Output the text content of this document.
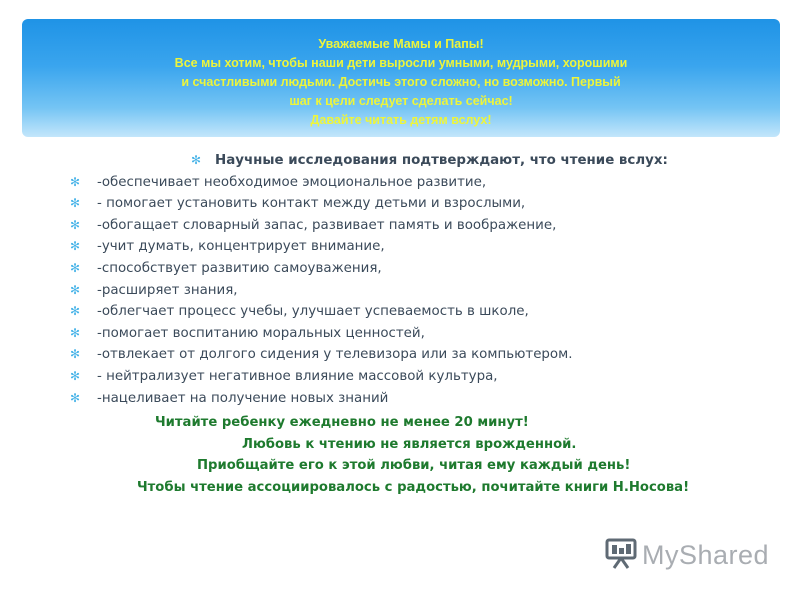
Уважаемые Мамы и Папы!
Все мы хотим, чтобы наши дети выросли умными, мудрыми, хорошими
и счастливыми людьми. Достичь этого сложно, но возможно. Первый
шаг к цели следует сделать сейчас!
Давайте читать детям вслух!
✻ Научные исследования подтверждают, что чтение вслух:
✻ -обеспечивает необходимое эмоциональное развитие,
✻ - помогает установить контакт между детьми и взрослыми,
✻ -обогащает словарный запас, развивает память и воображение,
✻ -учит думать, концентрирует внимание,
✻ -способствует развитию самоуважения,
✻ -расширяет знания,
✻ -облегчает процесс учебы, улучшает успеваемость в школе,
✻ -помогает воспитанию моральных ценностей,
✻ -отвлекает от долгого сидения у телевизора или за компьютером.
✻ - нейтрализует негативное влияние массовой культура,
✻ -нацеливает на получение новых знаний
Читайте ребенку ежедневно не менее 20 минут!
Любовь к чтению не является врожденной.
Приобщайте его к этой любви, читая ему каждый день!
Чтобы чтение ассоциировалось с радостью, почитайте книги Н.Носова!
MyShared
